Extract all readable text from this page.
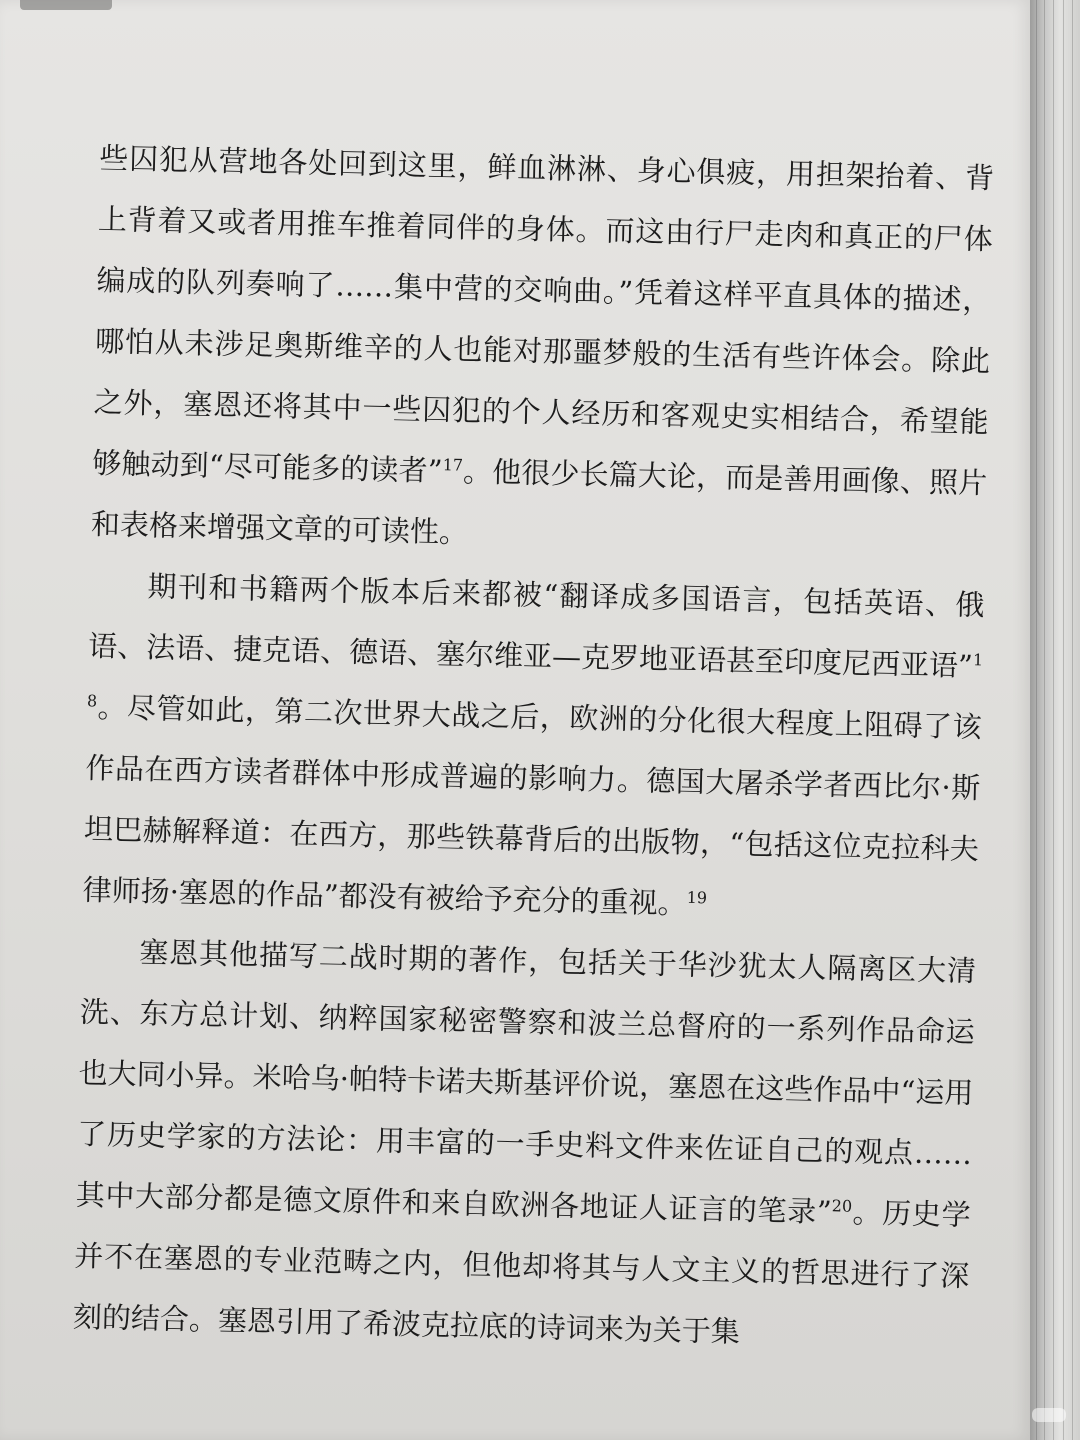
些囚犯从营地各处回到这里，鲜血淋淋、身心俱疲，用担架抬着、背上背着又或者用推车推着同伴的身体。而这由行尸走肉和真正的尸体编成的队列奏响了……集中营的交响曲。”凭着这样平直具体的描述，哪怕从未涉足奥斯维辛的人也能对那噩梦般的生活有些许体会。除此之外，塞恩还将其中一些囚犯的个人经历和客观史实相结合，希望能够触动到“尽可能多的读者”$^{17}$。他很少长篇大论，而是善用画像、照片和表格来增强文章的可读性。

期刊和书籍两个版本后来都被“翻译成多国语言，包括英语、俄语、法语、捷克语、德语、塞尔维亚—克罗地亚语甚至印度尼西亚语”$^{18}$。尽管如此，第二次世界大战之后，欧洲的分化很大程度上阻碍了该作品在西方读者群体中形成普遍的影响力。德国大屠杀学者西比尔·斯坦巴赫解释道：在西方，那些铁幕背后的出版物，“包括这位克拉科夫律师扬·塞恩的作品”都没有被给予充分的重视。$^{19}$

塞恩其他描写二战时期的著作，包括关于华沙犹太人隔离区大清洗、东方总计划、纳粹国家秘密警察和波兰总督府的一系列作品命运也大同小异。米哈乌·帕特卡诺夫斯基评价说，塞恩在这些作品中“运用了历史学家的方法论：用丰富的一手史料文件来佐证自己的观点……其中大部分都是德文原件和来自欧洲各地证人证言的笔录”$^{20}$。历史学并不在塞恩的专业范畴之内，但他却将其与人文主义的哲思进行了深刻的结合。塞恩引用了希波克拉底的诗词来为关于集
